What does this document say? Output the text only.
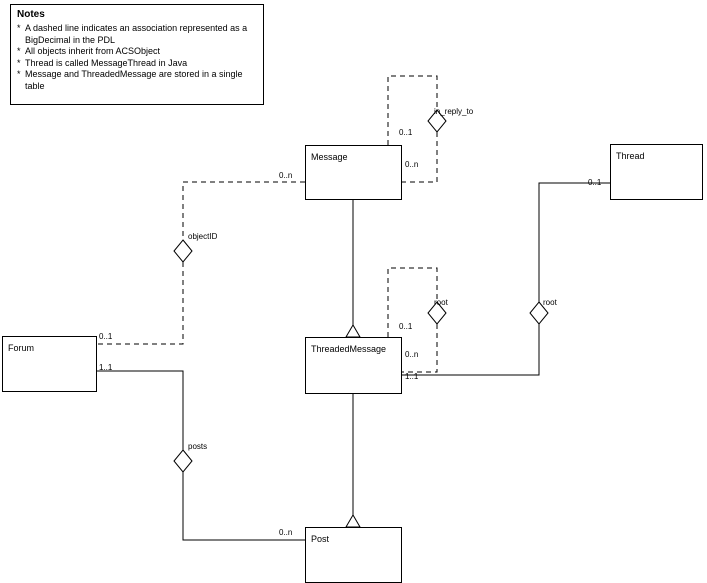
Notes
* A dashed line indicates an association represented as a BigDecimal in the PDL
* All objects inherit from ACSObject
* Thread is called MessageThread in Java
* Message and ThreadedMessage are stored in a single table
Message	Thread
Forum	ThreadedMessage
Post
in_reply_to
objectID
root	root
posts
0..1
0..n
0..n
0..1
0..1
0..n
0..1
1..1
1..1
0..n
